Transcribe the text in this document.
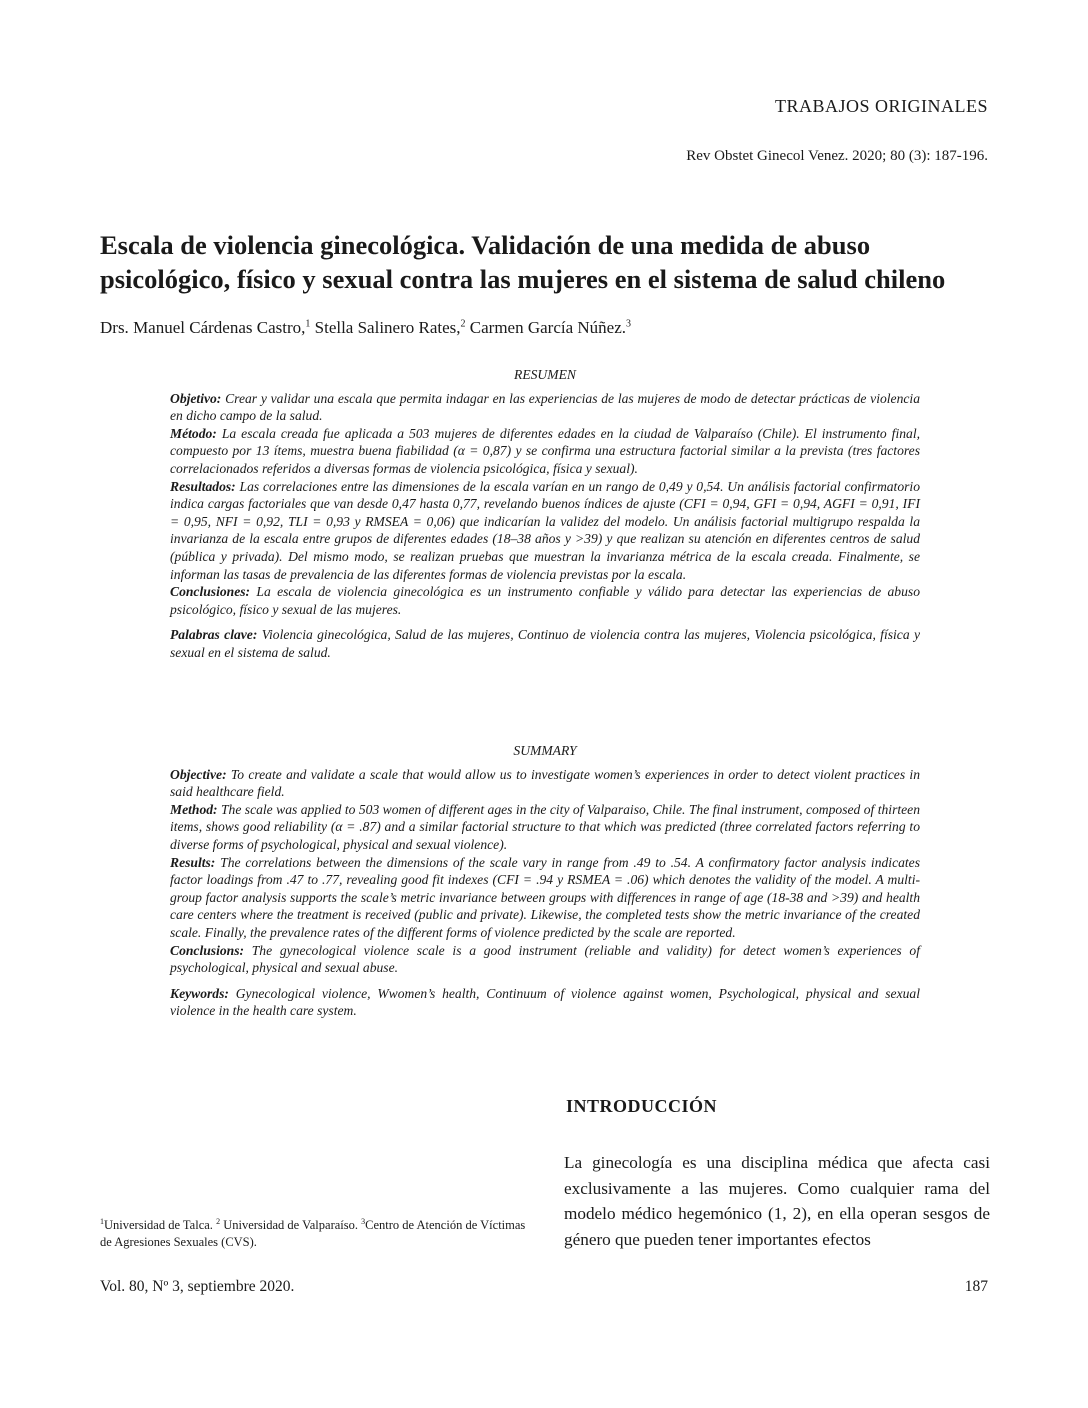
TRABAJOS ORIGINALES
Rev Obstet Ginecol Venez. 2020; 80 (3): 187-196.
Escala de violencia ginecológica. Validación de una medida de abuso psicológico, físico y sexual contra las mujeres en el sistema de salud chileno
Drs. Manuel Cárdenas Castro,$^1$ Stella Salinero Rates,$^2$ Carmen García Núñez.$^3$
RESUMEN

Objetivo: Crear y validar una escala que permita indagar en las experiencias de las mujeres de modo de detectar prácticas de violencia en dicho campo de la salud.

Método: La escala creada fue aplicada a 503 mujeres de diferentes edades en la ciudad de Valparaíso (Chile). El instrumento final, compuesto por 13 ítems, muestra buena fiabilidad (α = 0,87) y se confirma una estructura factorial similar a la prevista (tres factores correlacionados referidos a diversas formas de violencia psicológica, física y sexual).

Resultados: Las correlaciones entre las dimensiones de la escala varían en un rango de 0,49 y 0,54. Un análisis factorial confirmatorio indica cargas factoriales que van desde 0,47 hasta 0,77, revelando buenos índices de ajuste (CFI = 0,94, GFI = 0,94, AGFI = 0,91, IFI = 0,95, NFI = 0,92, TLI = 0,93 y RMSEA = 0,06) que indicarían la validez del modelo. Un análisis factorial multigrupo respalda la invarianza de la escala entre grupos de diferentes edades (18–38 años y >39) y que realizan su atención en diferentes centros de salud (pública y privada). Del mismo modo, se realizan pruebas que muestran la invarianza métrica de la escala creada. Finalmente, se informan las tasas de prevalencia de las diferentes formas de violencia previstas por la escala.

Conclusiones: La escala de violencia ginecológica es un instrumento confiable y válido para detectar las experiencias de abuso psicológico, físico y sexual de las mujeres.

Palabras clave: Violencia ginecológica, Salud de las mujeres, Continuo de violencia contra las mujeres, Violencia psicológica, física y sexual en el sistema de salud.

SUMMARY

Objective: To create and validate a scale that would allow us to investigate women’s experiences in order to detect violent practices in said healthcare field.

Method: The scale was applied to 503 women of different ages in the city of Valparaiso, Chile. The final instrument, composed of thirteen items, shows good reliability (α = .87) and a similar factorial structure to that which was predicted (three correlated factors referring to diverse forms of psychological, physical and sexual violence).

Results: The correlations between the dimensions of the scale vary in range from .49 to .54. A confirmatory factor analysis indicates factor loadings from .47 to .77, revealing good fit indexes (CFI = .94 y RSMEA = .06) which denotes the validity of the model. A multi-group factor analysis supports the scale’s metric invariance between groups with differences in range of age (18-38 and >39) and health care centers where the treatment is received (public and private). Likewise, the completed tests show the metric invariance of the created scale. Finally, the prevalence rates of the different forms of violence predicted by the scale are reported.

Conclusions: The gynecological violence scale is a good instrument (reliable and validity) for detect women’s experiences of psychological, physical and sexual abuse.

Keywords: Gynecological violence, Wwomen’s health, Continuum of violence against women, Psychological, physical and sexual violence in the health care system.

INTRODUCCIÓN

La ginecología es una disciplina médica que afecta casi exclusivamente a las mujeres. Como cualquier rama del modelo médico hegemónico (1, 2), en ella operan sesgos de género que pueden tener importantes efectos

$^1$Universidad de Talca. $^2$ Universidad de Valparaíso. $^3$Centro de Atención de Víctimas de Agresiones Sexuales (CVS).
Vol. 80, Nº 3, septiembre 2020.	187
